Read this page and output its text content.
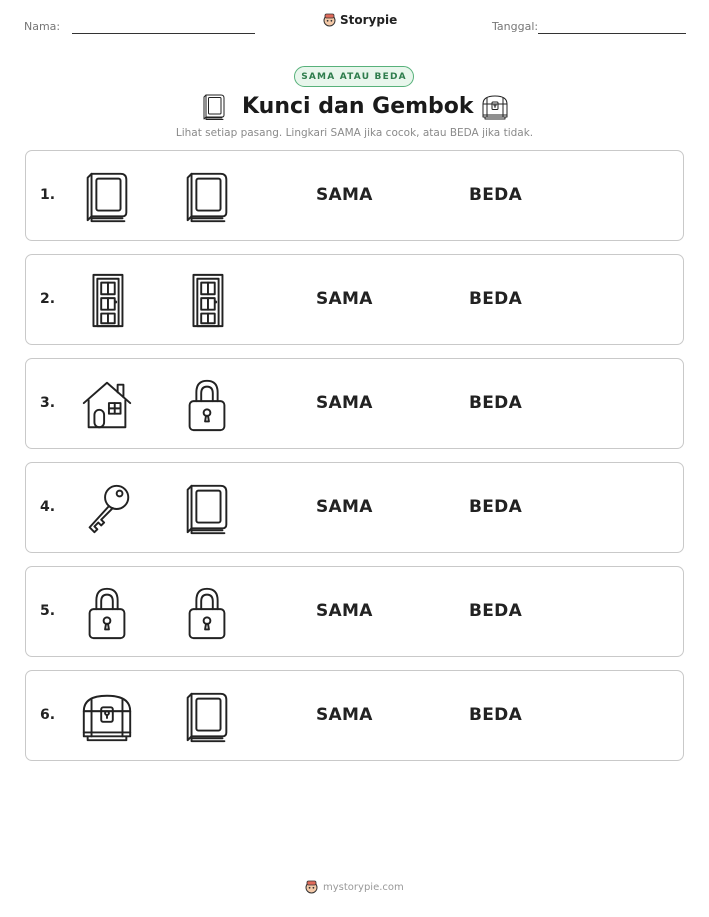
Nama:	Storypie	Tanggal:
SAMA ATAU BEDA
Kunci dan Gembok
Lihat setiap pasang. Lingkari SAMA jika cocok, atau BEDA jika tidak.
1.	SAMA	BEDA
2.	SAMA	BEDA
3.	SAMA	BEDA
4.	SAMA	BEDA
5.	SAMA	BEDA
6.	SAMA	BEDA
mystorypie.com
